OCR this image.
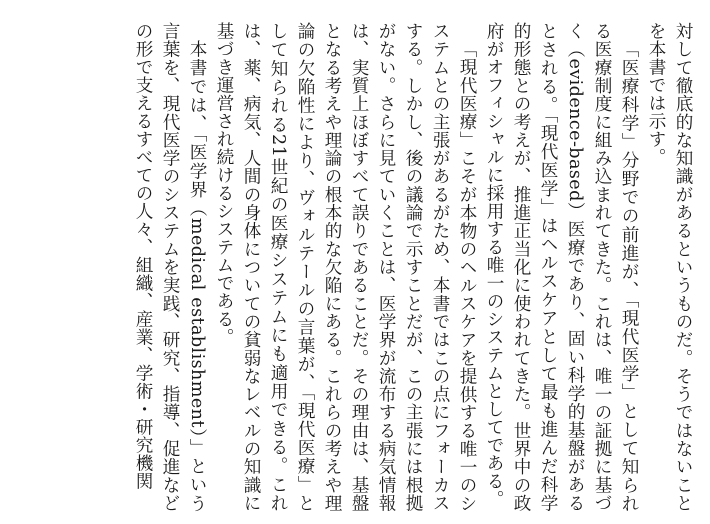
対して徹底的な知識があるというものだ。そうではないことを本書では示す。

「医療科学」分野での前進が、「現代医学」として知られる医療制度に組み込まれてきた。これは、唯一の証拠に基づく（evidence-based）医療であり、固い科学的基盤があるとされる。「現代医学」はヘルスケアとして最も進んだ科学的形態との考えが、推進正当化に使われてきた。世界中の政府がオフィシャルに採用する唯一のシステムとしてである。

「現代医療」こそが本物のヘルスケアを提供する唯一のシステムとの主張があるがため、本書ではこの点にフォーカスする。しかし、後の議論で示すことだが、この主張には根拠がない。さらに見ていくことは、医学界が流布する病気情報は、実質上ほぼすべて誤りであることだ。その理由は、基盤となる考えや理論の根本的な欠陥にある。これらの考えや理論の欠陥性により、ヴォルテールの言葉が、「現代医療」として知られる21世紀の医療システムにも適用できる。これは、薬、病気、人間の身体についての貧弱なレベルの知識に基づき運営され続けるシステムである。

本書では、「医学界（medical establishment）」という言葉を、現代医学のシステムを実践、研究、指導、促進などの形で支えるすべての人々、組織、産業、学術・研究機関
